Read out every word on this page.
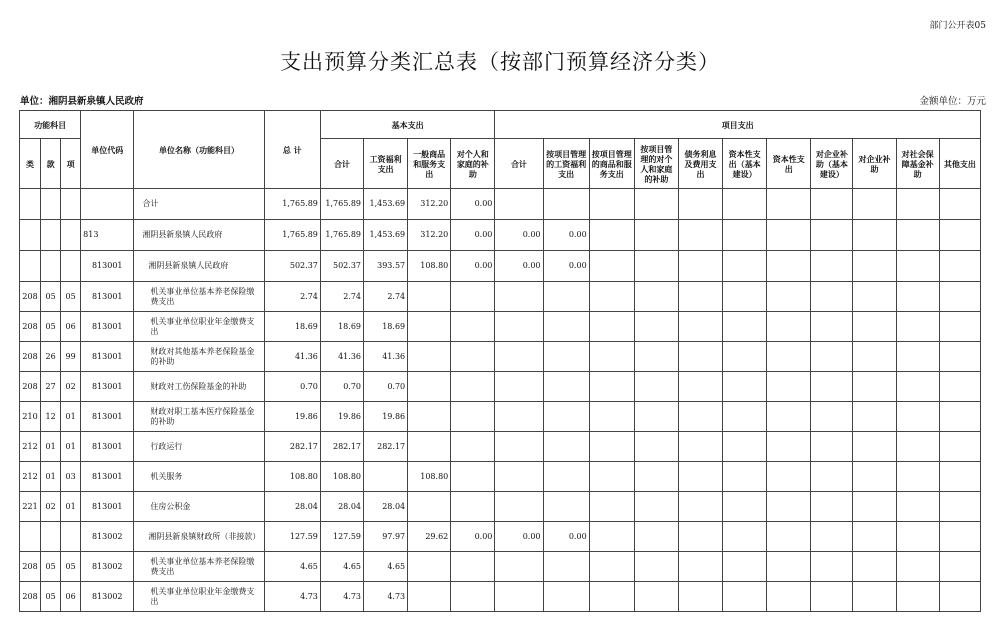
部门公开表05
支出预算分类汇总表（按部门预算经济分类）
单位：湘阴县新泉镇人民政府	金额单位：万元
功能科目			单位代码	单位名称（功能科目）	总 计	基本支出				项目支出										
类	款	项				合计	工资福利支出	一般商品和服务支出	对个人和家庭的补助	合计	按项目管理的工资福利支出	按项目管理的商品和服务支出	按项目管理的对个人和家庭的补助	债务利息及费用支出	资本性支出（基本建设）	资本性支出	对企业补助（基本建设）	对企业补助	对社会保障基金补助	其他支出
				合计	1,765.89	1,765.89	1,453.69	312.20	0.00											
			813	湘阴县新泉镇人民政府	1,765.89	1,765.89	1,453.69	312.20	0.00	0.00	0.00									
			813001	湘阴县新泉镇人民政府	502.37	502.37	393.57	108.80	0.00	0.00	0.00									
208	05	05	813001	机关事业单位基本养老保险缴费支出	2.74	2.74	2.74													
208	05	06	813001	机关事业单位职业年金缴费支出	18.69	18.69	18.69													
208	26	99	813001	财政对其他基本养老保险基金的补助	41.36	41.36	41.36													
208	27	02	813001	财政对工伤保险基金的补助	0.70	0.70	0.70													
210	12	01	813001	财政对职工基本医疗保险基金的补助	19.86	19.86	19.86													
212	01	01	813001	行政运行	282.17	282.17	282.17													
212	01	03	813001	机关服务	108.80	108.80		108.80												
221	02	01	813001	住房公积金	28.04	28.04	28.04													
			813002	湘阴县新泉镇财政所（非接款）	127.59	127.59	97.97	29.62	0.00	0.00	0.00									
208	05	05	813002	机关事业单位基本养老保险缴费支出	4.65	4.65	4.65													
208	05	06	813002	机关事业单位职业年金缴费支出	4.73	4.73	4.73													
